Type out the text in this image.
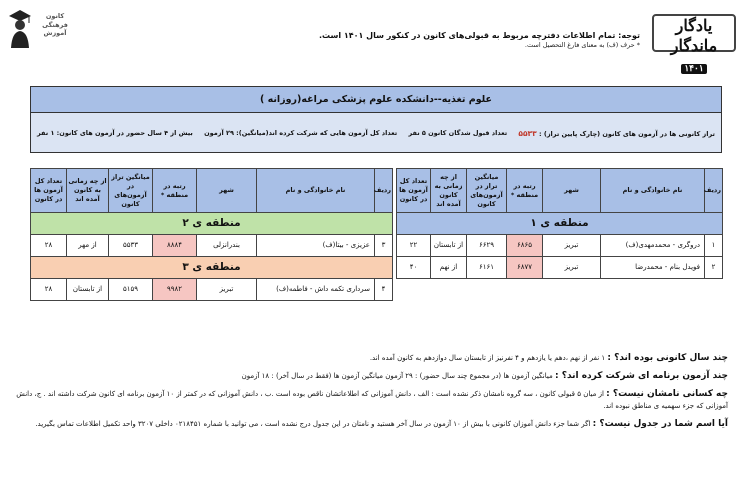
یادگار ماندگار
۱۴۰۱
توجه: تمام اطلاعات دفترچه مربوط به قبولی‌های کانون در کنکور سال ۱۴۰۱ است.
* حرف (ف) به معنای فارغ التحصیل است.
کانون
فرهنگی
آموزش
علوم تغذیه--دانشکده علوم پزشکی مراغه(روزانه )
تراز کانونی ها در آزمون های کانون (چارک پایین تراز) : ۵۵۳۳
تعداد قبول شدگان کانون ۵ نفر
تعداد کل آزمون هایی که شرکت کرده اند(میانگین): ۲۹ آزمون
بیش از ۴ سال حضور در آزمون های کانون: ۱ نفر
ردیف	نام خانوادگی و نام	شهر	رتبه در منطقه *	میانگین تراز در آزمون‌های کانون	از چه زمانی به کانون آمده اند	تعداد کل آزمون ها در کانون
منطقه ی ۱						
۱	دروگری - محمدمهدی(ف)	تبریز	۶۸۶۵	۶۶۲۹	از تابستان	۲۲
۲	فویدل بنام - محمدرضا	تبریز	۶۸۷۷	۶۱۶۱	از نهم	۴۰
ردیف	نام خانوادگی و نام	شهر	رتبه در منطقه *	میانگین تراز در آزمون‌های کانون	از چه زمانی به کانون آمده اند	تعداد کل آزمون ها در کانون
منطقه ی ۲						
۳	عزیزی - بیتا(ف)	بندرانزلی	۸۸۸۴	۵۵۳۳	از مهر	۲۸
منطقه ی ۳						
۴	سرداری تکمه داش - فاطمه(ف)	تبریز	۹۹۸۲	۵۱۵۹	از تابستان	۲۸

چند سال کانونی بوده اند؟ : ۱ نفر از نهم ،دهم یا یازدهم و ۴ نفرنیز از تابستان سال دوازدهم به کانون آمده اند.

چند آزمون برنامه ای شرکت کرده اند؟ : میانگین آزمون ها (در مجموع چند سال حضور) : ۲۹ آزمون میانگین آزمون ها (فقط در سال آخر) : ۱۸ آزمون

چه کسانی نامشان نیست؟ : از میان ۵ قبولی کانون ، سه گروه نامشان ذکر نشده است : الف ، دانش آموزانی که اطلاعاتشان ناقص بوده است .ب ، دانش آموزانی که در کمتر از ۱۰ آزمون برنامه ای کانون شرکت داشته اند . ج، دانش آموزانی که جزء سهمیه ی مناطق نبوده اند.

آیا اسم شما در جدول نیست؟ : اگر شما جزء دانش آموزان کانونی با بیش از ۱۰ آزمون در سال آخر هستید و نامتان در این جدول درج نشده است ، می توانید با شماره ۰۲۱۸۴۵۱ داخلی ۳۲۰۷ واحد تکمیل اطلاعات تماس بگیرید.
